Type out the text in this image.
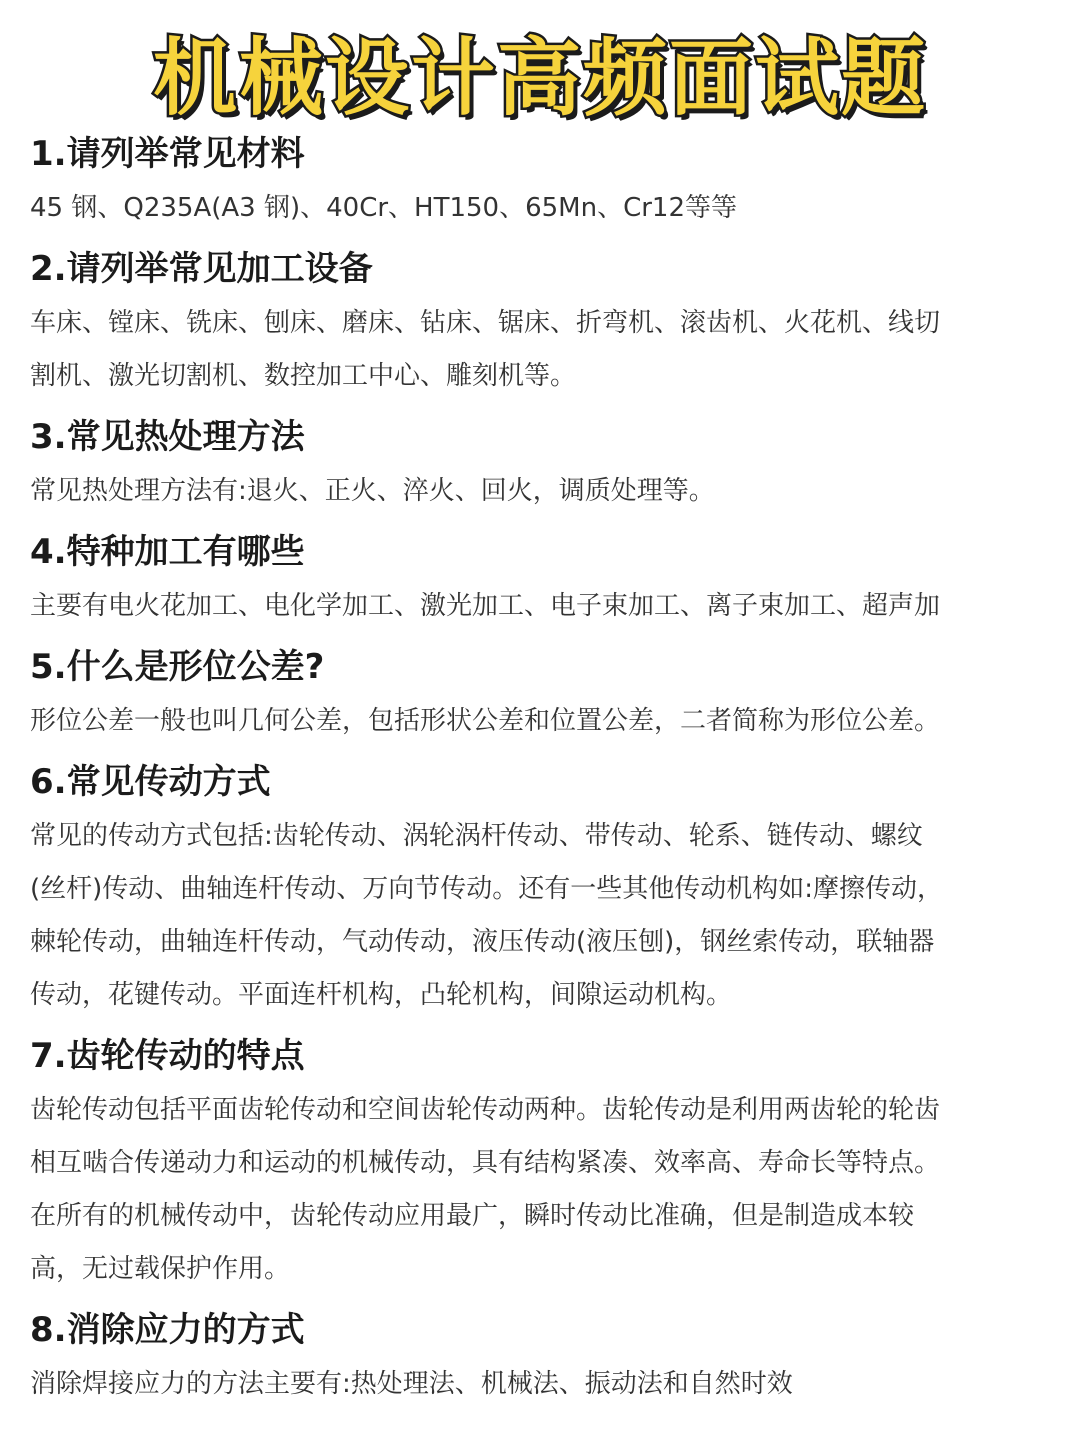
机械设计高频面试题
1.请列举常见材料
45 钢、Q235A(A3 钢)、40Cr、HT150、65Mn、Cr12等等
2.请列举常见加工设备
车床、镗床、铣床、刨床、磨床、钻床、锯床、折弯机、滚齿机、火花机、线切
割机、激光切割机、数控加工中心、雕刻机等。
3.常见热处理方法
常见热处理方法有:退火、正火、淬火、回火，调质处理等。
4.特种加工有哪些
主要有电火花加工、电化学加工、激光加工、电子束加工、离子束加工、超声加
5.什么是形位公差?
形位公差一般也叫几何公差，包括形状公差和位置公差，二者简称为形位公差。
6.常见传动方式
常见的传动方式包括:齿轮传动、涡轮涡杆传动、带传动、轮系、链传动、螺纹
(丝杆)传动、曲轴连杆传动、万向节传动。还有一些其他传动机构如:摩擦传动，
棘轮传动，曲轴连杆传动，气动传动，液压传动(液压刨)，钢丝索传动，联轴器
传动，花键传动。平面连杆机构，凸轮机构，间隙运动机构。
7.齿轮传动的特点
齿轮传动包括平面齿轮传动和空间齿轮传动两种。齿轮传动是利用两齿轮的轮齿
相互啮合传递动力和运动的机械传动，具有结构紧凑、效率高、寿命长等特点。
在所有的机械传动中，齿轮传动应用最广，瞬时传动比准确，但是制造成本较
高，无过载保护作用。
8.消除应力的方式
消除焊接应力的方法主要有:热处理法、机械法、振动法和自然时效
